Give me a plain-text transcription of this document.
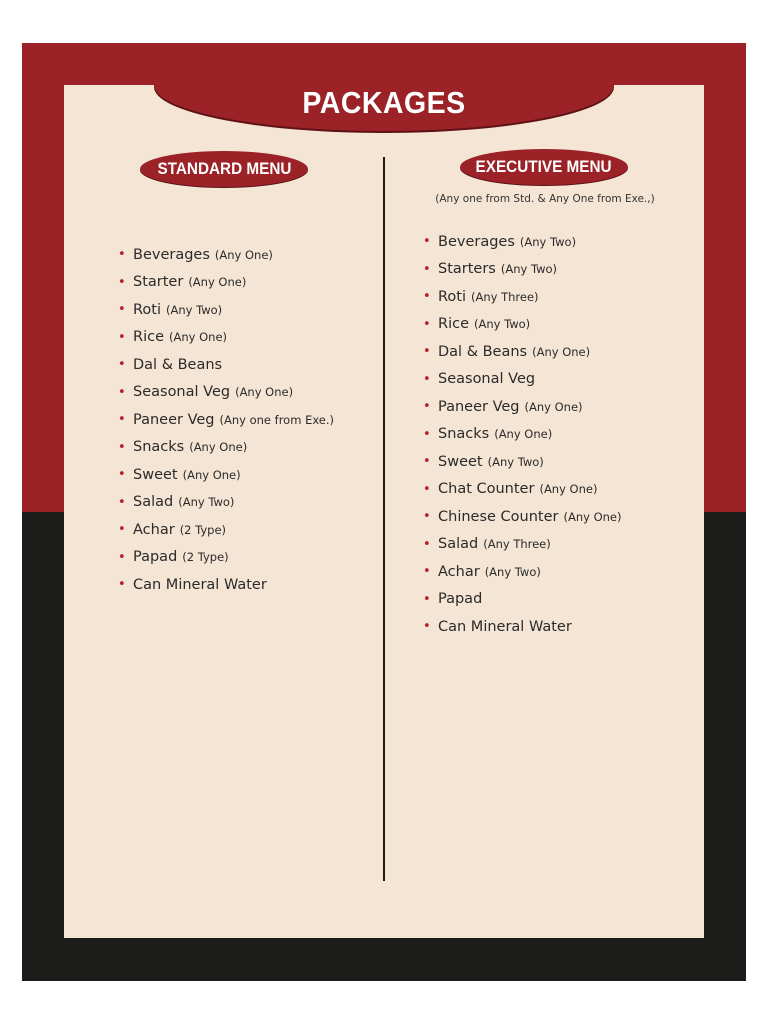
PACKAGES
STANDARD MENU	EXECUTIVE MENU
(Any one from Std. & Any One from Exe.,)
• Beverages (Any One)
• Starter (Any One)
• Roti (Any Two)
• Rice (Any One)
• Dal & Beans
• Seasonal Veg (Any One)
• Paneer Veg (Any one from Exe.)
• Snacks (Any One)
• Sweet (Any One)
• Salad (Any Two)
• Achar (2 Type)
• Papad (2 Type)
• Can Mineral Water
• Beverages (Any Two)
• Starters (Any Two)
• Roti (Any Three)
• Rice (Any Two)
• Dal & Beans (Any One)
• Seasonal Veg
• Paneer Veg (Any One)
• Snacks (Any One)
• Sweet (Any Two)
• Chat Counter (Any One)
• Chinese Counter (Any One)
• Salad (Any Three)
• Achar (Any Two)
• Papad
• Can Mineral Water
